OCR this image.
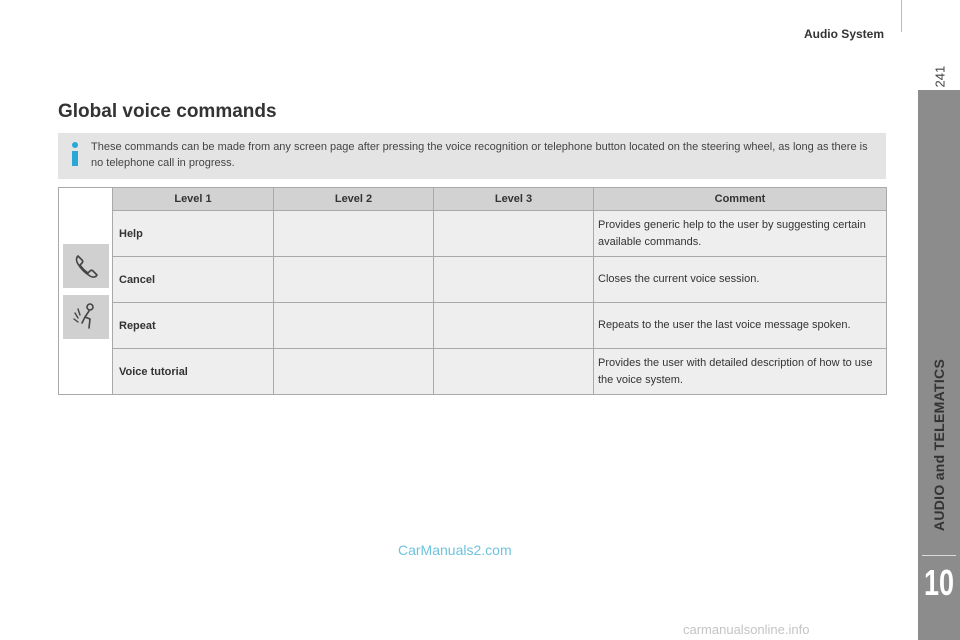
Audio System
241
AUDIO and TELEMATICS
10
Global voice commands
These commands can be made from any screen page after pressing the voice recognition or telephone button located on the steering wheel, as long as there is no telephone call in progress.
	Level 1	Level 2	Level 3	Comment
	Help			Provides generic help to the user by suggesting certain available commands.
	Cancel			Closes the current voice session.
	Repeat			Repeats to the user the last voice message spoken.
	Voice tutorial			Provides the user with detailed description of how to use the voice system.
CarManuals2.com
carmanualsonline.info
